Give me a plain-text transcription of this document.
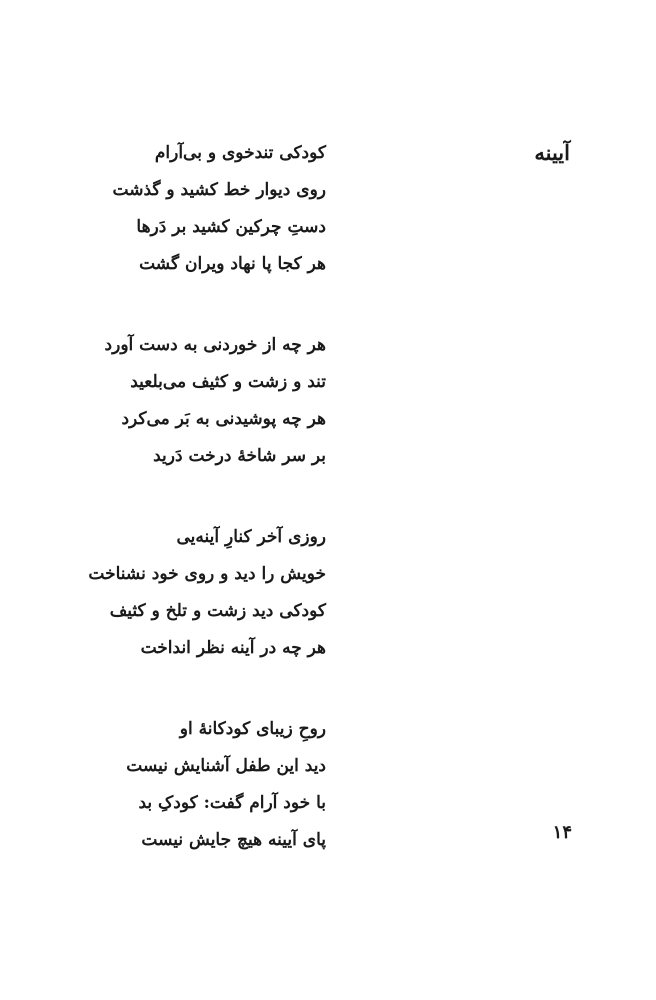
آیینه
کودکی تندخوی و بی‌آرام
روی دیوار خط کشید و گذشت
دستِ چرکین کشید بر دَرها
هر کجا پا نهاد ویران گشت
هر چه از خوردنی به دست آورد
تند و زشت و کثیف می‌بلعید
هر چه پوشیدنی به بَر می‌کرد
بر سر شاخهٔ درخت دَرید
روزی آخر کنارِ آینه‌یی
خویش را دید و روی خود نشناخت
کودکی دید زشت و تلخ و کثیف
هر چه در آینه نظر انداخت
روحِ زیبای کودکانهٔ او
دید این طفل آشنایش نیست
با خود آرام گفت: کودکِ بد
پای آیینه هیچ جایش نیست	۱۴
